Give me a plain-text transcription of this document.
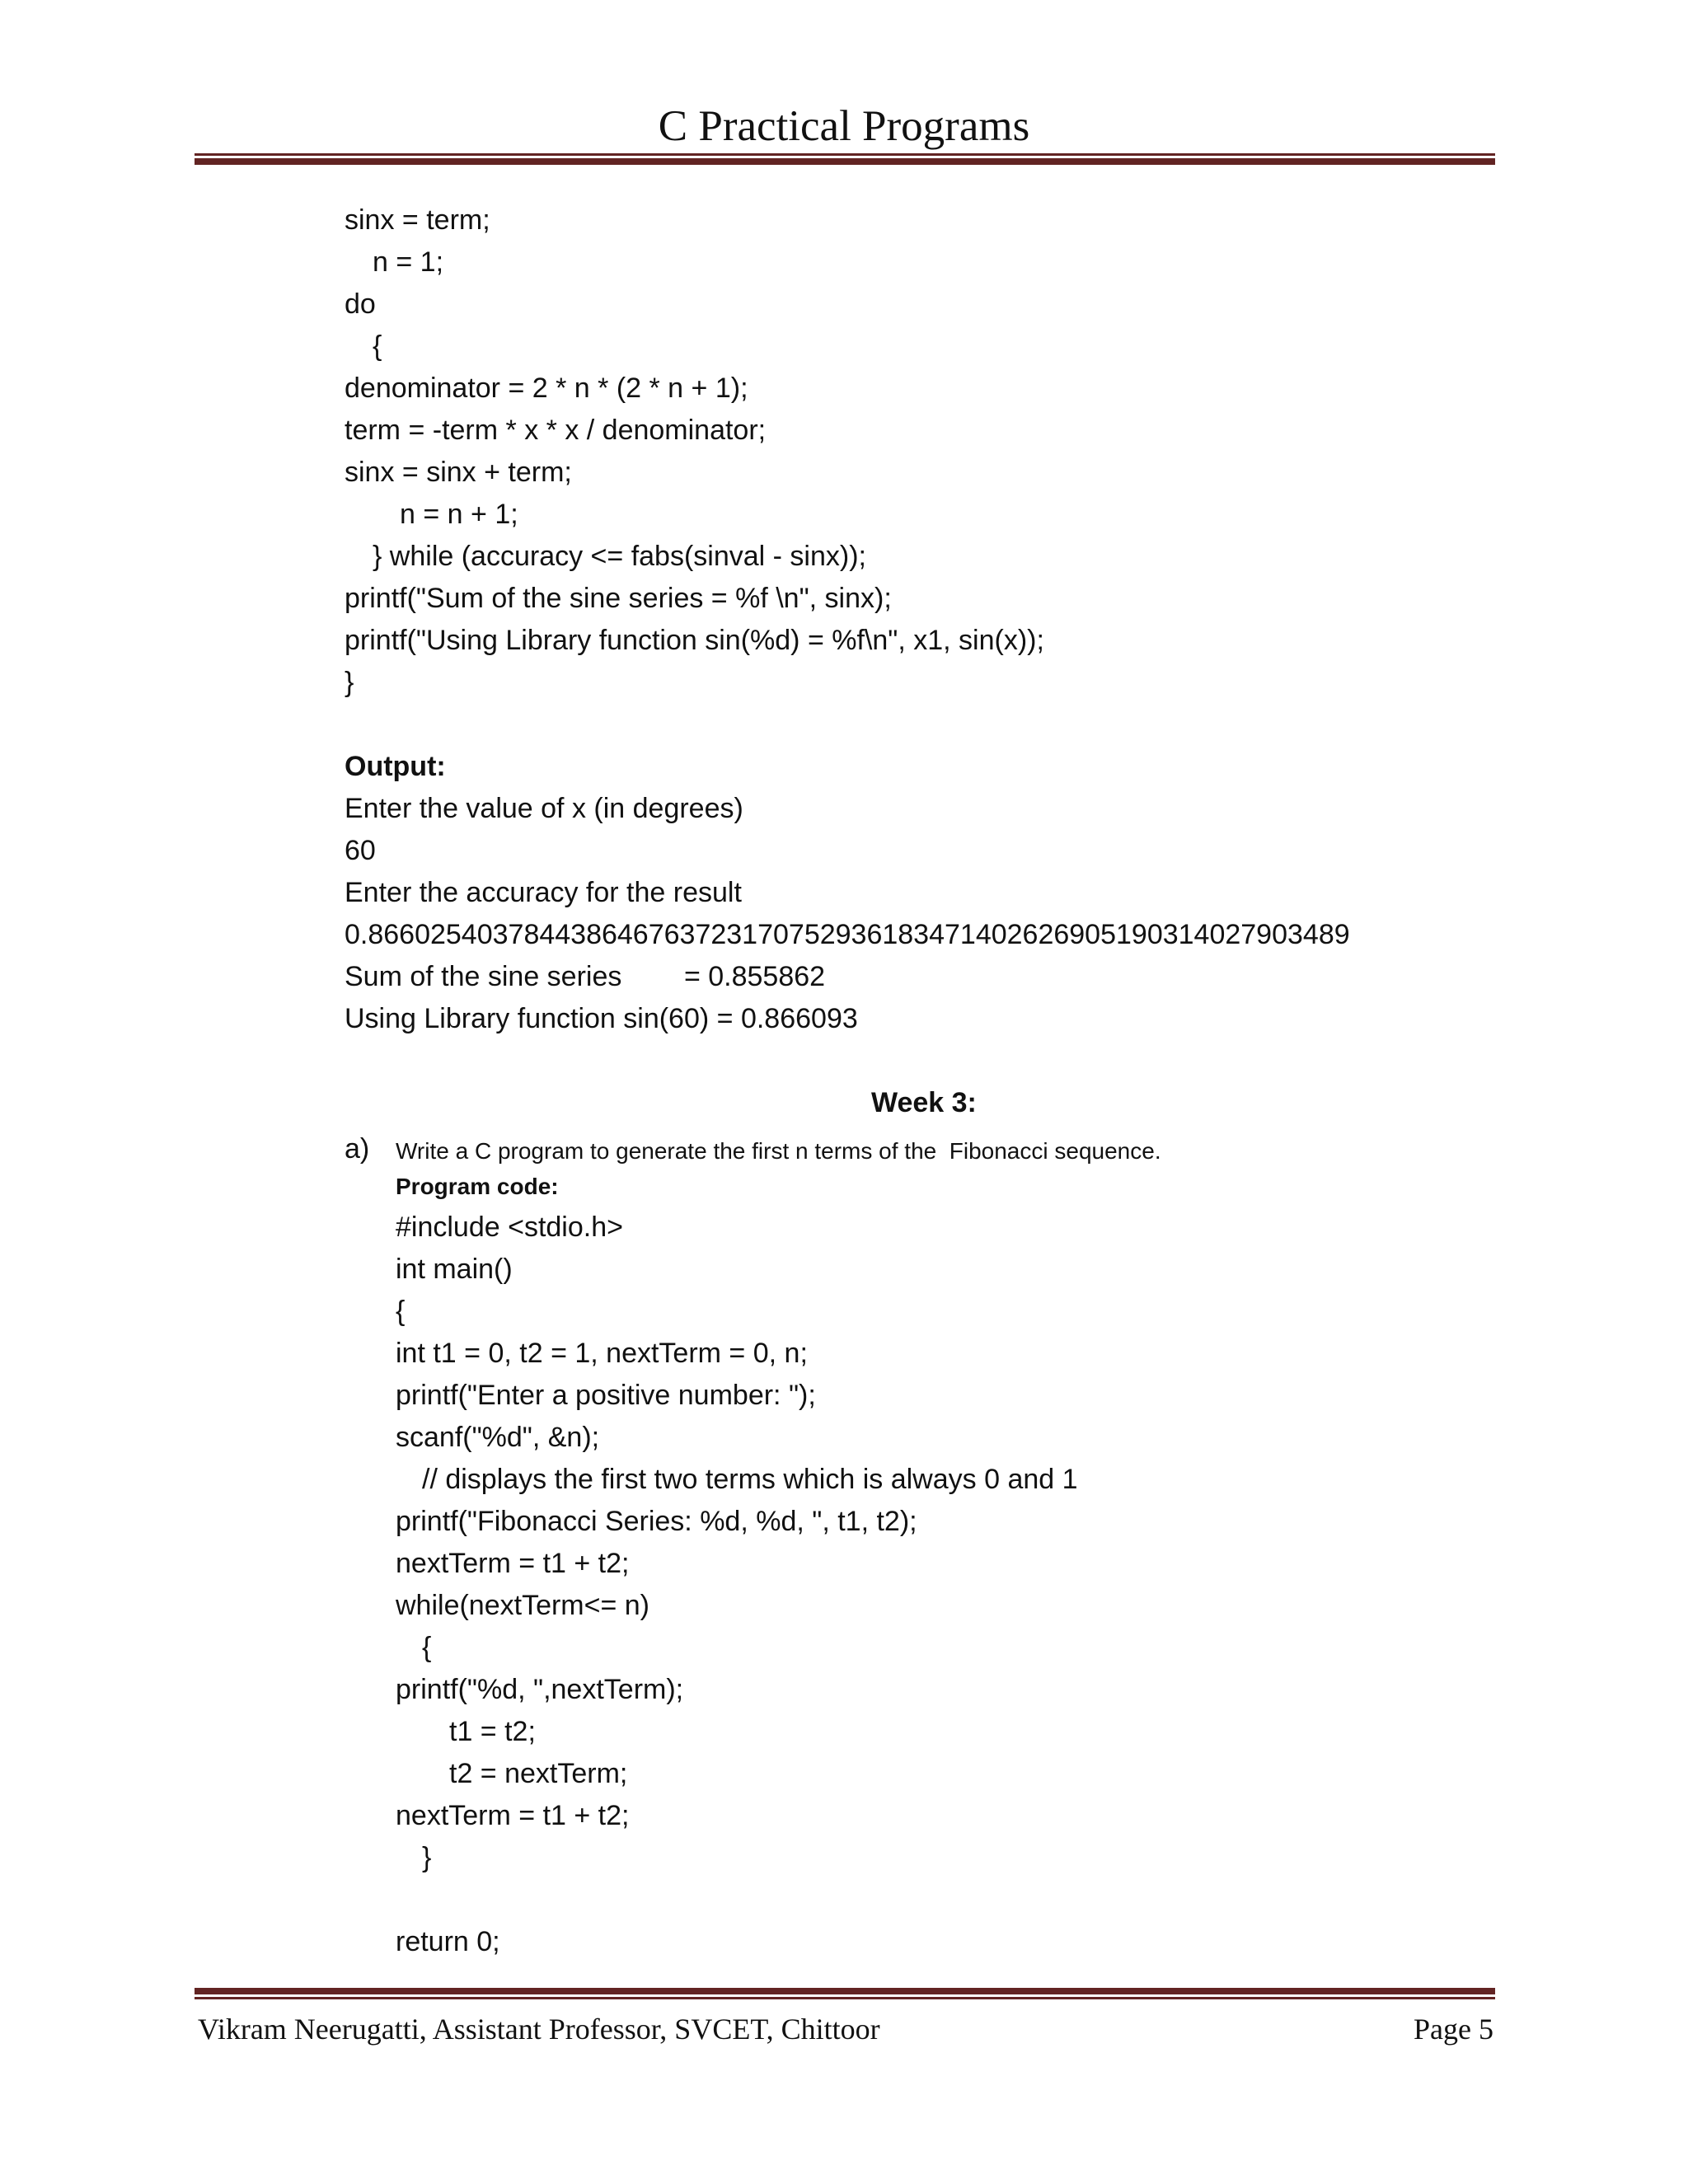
C Practical Programs
sinx = term;
n = 1;
do
{
denominator = 2 * n * (2 * n + 1);
term = -term * x * x / denominator;
sinx = sinx + term;
n = n + 1;
} while (accuracy <= fabs(sinval - sinx));
printf("Sum of the sine series = %f \n", sinx);
printf("Using Library function sin(%d) = %f\n", x1, sin(x));
}
Output:
Enter the value of x (in degrees)
60
Enter the accuracy for the result
0.866025403784438646763723170752936183471402626905190314027903489
Sum of the sine series        = 0.855862
Using Library function sin(60) = 0.866093
Week 3:
a) Write a C program to generate the first n terms of the  Fibonacci sequence.
Program code:
#include <stdio.h>
int main()
{
int t1 = 0, t2 = 1, nextTerm = 0, n;
printf("Enter a positive number: ");
scanf("%d", &n);
// displays the first two terms which is always 0 and 1
printf("Fibonacci Series: %d, %d, ", t1, t2);
nextTerm = t1 + t2;
while(nextTerm<= n)
{
printf("%d, ",nextTerm);
t1 = t2;
t2 = nextTerm;
nextTerm = t1 + t2;
}
return 0;
Vikram Neerugatti, Assistant Professor, SVCET, Chittoor	Page 5
